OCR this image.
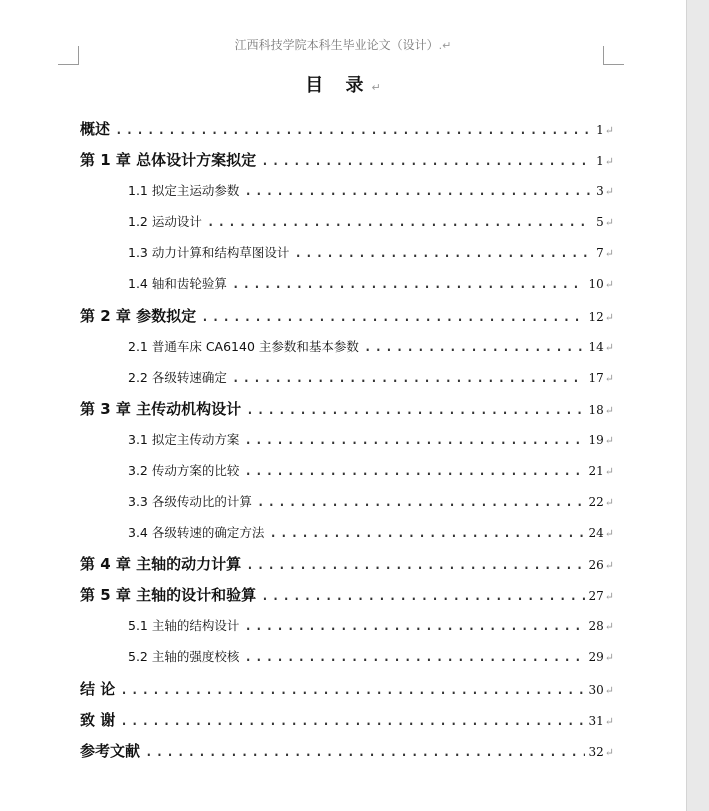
江西科技学院本科生毕业论文（设计）.↵
目 录↵
概述 .....	1 ↵
第 1 章 总体设计方案拟定 .....	1 ↵
1.1 拟定主运动参数 .....	3 ↵
1.2 运动设计 .....	5 ↵
1.3 动力计算和结构草图设计 .....	7 ↵
1.4 轴和齿轮验算 .....	10 ↵
第 2 章 参数拟定 .....	12 ↵
2.1 普通车床 CA6140 主参数和基本参数 .....	14 ↵
2.2 各级转速确定 .....	17 ↵
第 3 章 主传动机构设计 .....	18 ↵
3.1 拟定主传动方案 .....	19 ↵
3.2 传动方案的比较 .....	21 ↵
3.3 各级传动比的计算 .....	22 ↵
3.4 各级转速的确定方法 .....	24 ↵
第 4 章 主轴的动力计算 .....	26 ↵
第 5 章 主轴的设计和验算 .....	27 ↵
5.1 主轴的结构设计 .....	28 ↵
5.2 主轴的强度校核 .....	29 ↵
结 论 .....	30 ↵
致 谢 .....	31 ↵
参考文献 .....	32 ↵
